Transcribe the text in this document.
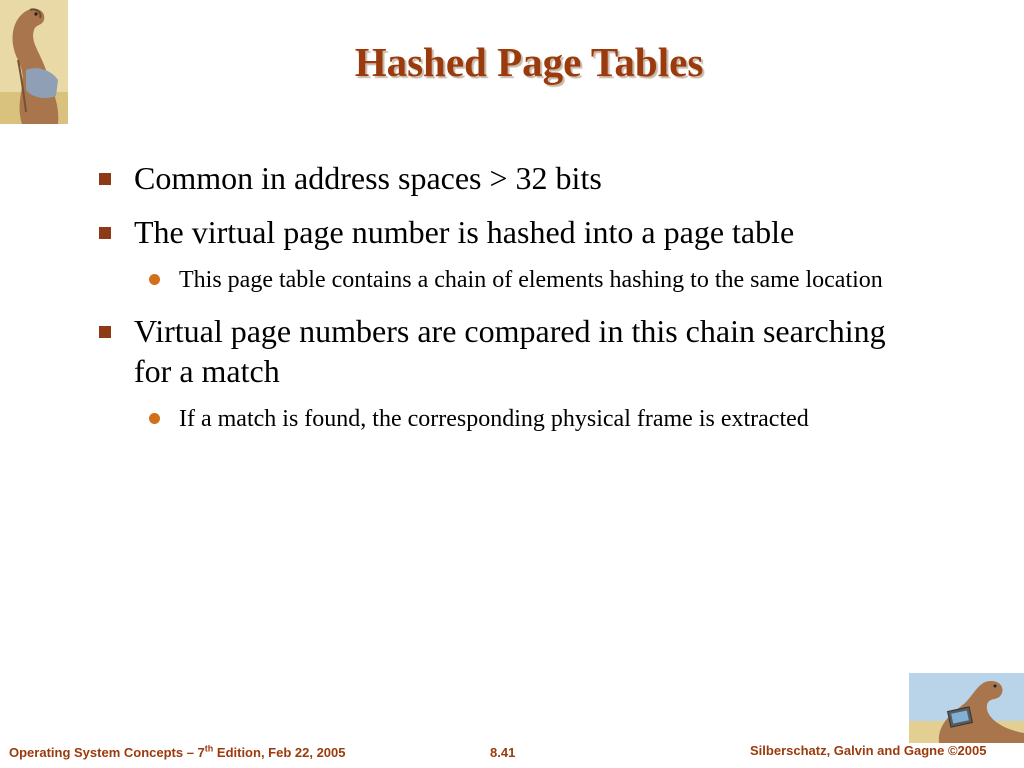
Hashed Page Tables
Common in address spaces > 32 bits
The virtual page number is hashed into a page table
This page table contains a chain of elements hashing to the same location
Virtual page numbers are compared in this chain searching for a match
If a match is found, the corresponding physical frame is extracted
Operating System Concepts – 7th Edition, Feb 22, 2005	8.41	Silberschatz, Galvin and Gagne ©2005
